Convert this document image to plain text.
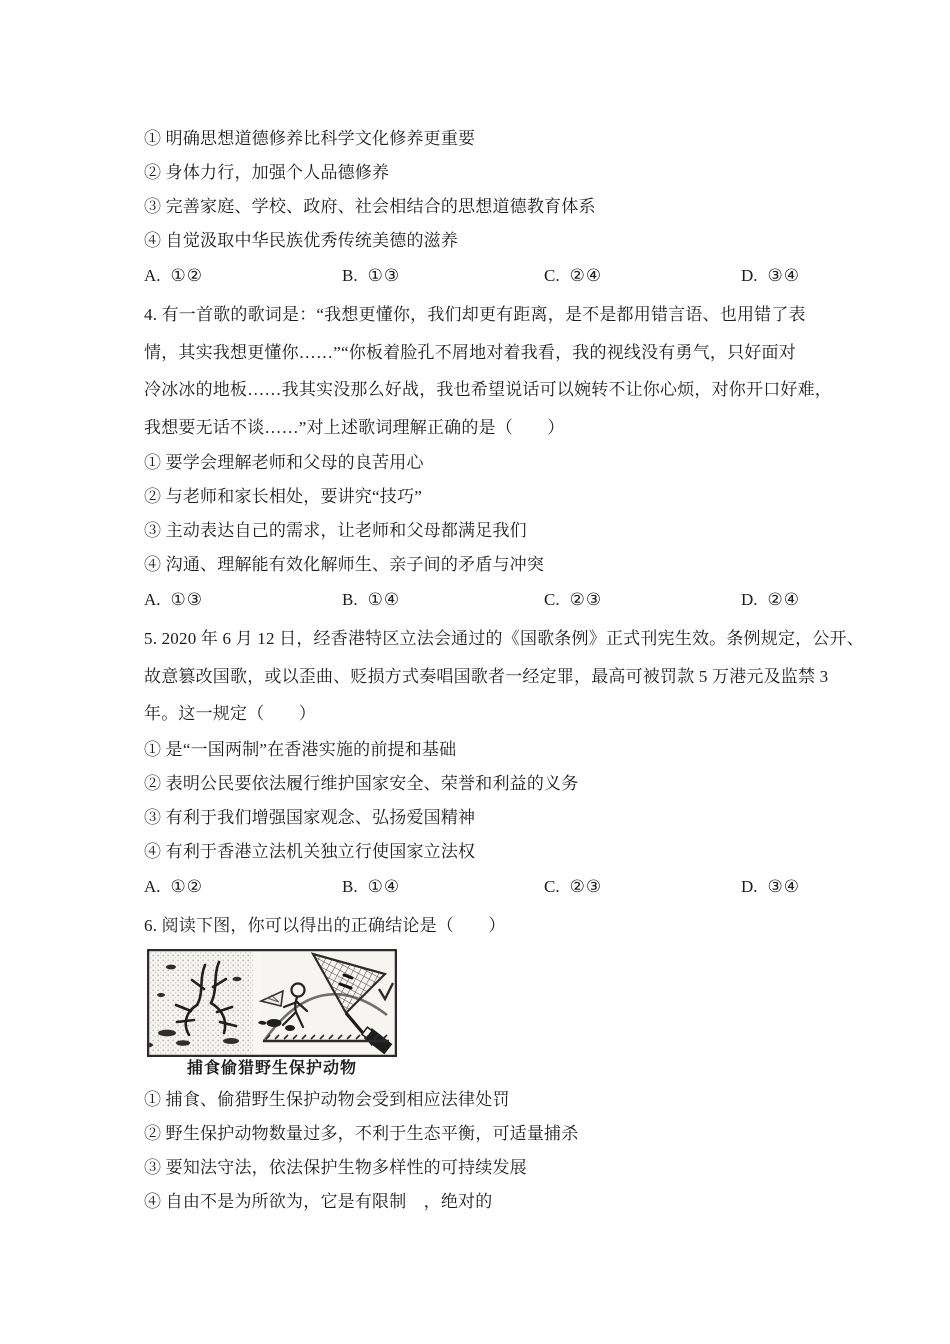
① 明确思想道德修养比科学文化修养更重要
② 身体力行，加强个人品德修养
③ 完善家庭、学校、政府、社会相结合的思想道德教育体系
④ 自觉汲取中华民族优秀传统美德的滋养
A. ①②	B. ①③	C. ②④	D. ③④
4. 有一首歌的歌词是：“我想更懂你，我们却更有距离，是不是都用错言语、也用错了表
情，其实我想更懂你……”“你板着脸孔不屑地对着我看，我的视线没有勇气，只好面对
冷冰冰的地板……我其实没那么好战，我也希望说话可以婉转不让你心烦，对你开口好难，
我想要无话不谈……”对上述歌词理解正确的是（　　）
① 要学会理解老师和父母的良苦用心
② 与老师和家长相处，要讲究“技巧”
③ 主动表达自己的需求，让老师和父母都满足我们
④ 沟通、理解能有效化解师生、亲子间的矛盾与冲突
A. ①③	B. ①④	C. ②③	D. ②④
5. 2020 年 6 月 12 日，经香港特区立法会通过的《国歌条例》正式刊宪生效。条例规定，公开、
故意篡改国歌，或以歪曲、贬损方式奏唱国歌者一经定罪，最高可被罚款 5 万港元及监禁 3
年。这一规定（　　）
① 是“一国两制”在香港实施的前提和基础
② 表明公民要依法履行维护国家安全、荣誉和利益的义务
③ 有利于我们增强国家观念、弘扬爱国精神
④ 有利于香港立法机关独立行使国家立法权
A. ①②	B. ①④	C. ②③	D. ③④
6. 阅读下图，你可以得出的正确结论是（　　）
捕食偷猎野生保护动物
① 捕食、偷猎野生保护动物会受到相应法律处罚
② 野生保护动物数量过多，不利于生态平衡，可适量捕杀
③ 要知法守法，依法保护生物多样性的可持续发展
④ 自由不是为所欲为，它是有限制　，绝对的
